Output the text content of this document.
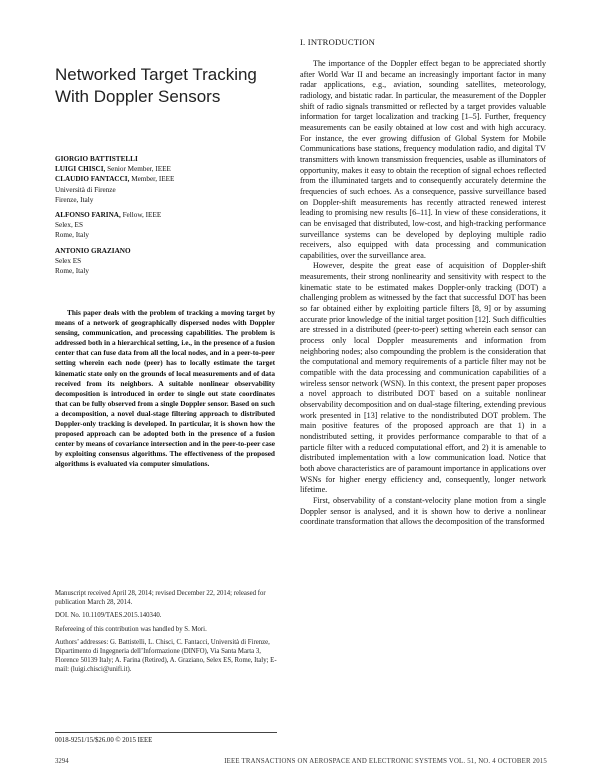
Networked Target Tracking With Doppler Sensors
GIORGIO BATTISTELLI
LUIGI CHISCI, Senior Member, IEEE
CLAUDIO FANTACCI, Member, IEEE
Università di Firenze
Firenze, Italy
ALFONSO FARINA, Fellow, IEEE
Selex, ES
Rome, Italy
ANTONIO GRAZIANO
Selex ES
Rome, Italy
This paper deals with the problem of tracking a moving target by means of a network of geographically dispersed nodes with Doppler sensing, communication, and processing capabilities. The problem is addressed both in a hierarchical setting, i.e., in the presence of a fusion center that can fuse data from all the local nodes, and in a peer-to-peer setting wherein each node (peer) has to locally estimate the target kinematic state only on the grounds of local measurements and of data received from its neighbors. A suitable nonlinear observability decomposition is introduced in order to single out state coordinates that can be fully observed from a single Doppler sensor. Based on such a decomposition, a novel dual-stage filtering approach to distributed Doppler-only tracking is developed. In particular, it is shown how the proposed approach can be adopted both in the presence of a fusion center by means of covariance intersection and in the peer-to-peer case by exploiting consensus algorithms. The effectiveness of the proposed algorithms is evaluated via computer simulations.

Manuscript received April 28, 2014; revised December 22, 2014; released for publication March 28, 2014.

DOI. No. 10.1109/TAES.2015.140340.

Refereeing of this contribution was handled by S. Mori.

Authors’ addresses: G. Battistelli, L. Chisci, C. Fantacci, Università di Firenze, Dipartimento di Ingegneria dell’Informazione (DINFO), Via Santa Marta 3, Florence 50139 Italy; A. Farina (Retired), A. Graziano, Selex ES, Rome, Italy; E-mail: (luigi.chisci@unifi.it).

0018-9251/15/$26.00 © 2015 IEEE
I. INTRODUCTION

The importance of the Doppler effect began to be appreciated shortly after World War II and became an increasingly important factor in many radar applications, e.g., aviation, sounding satellites, meteorology, radiology, and bistatic radar. In particular, the measurement of the Doppler shift of radio signals transmitted or reflected by a target provides valuable information for target localization and tracking [1–5]. Further, frequency measurements can be easily obtained at low cost and with high accuracy. For instance, the ever growing diffusion of Global System for Mobile Communications base stations, frequency modulation radio, and digital TV transmitters with known transmission frequencies, usable as illuminators of opportunity, makes it easy to obtain the reception of signal echoes reflected from the illuminated targets and to consequently accurately determine the frequencies of such echoes. As a consequence, passive surveillance based on Doppler-shift measurements has recently attracted renewed interest leading to promising new results [6–11]. In view of these considerations, it can be envisaged that distributed, low-cost, and high-tracking performance surveillance systems can be developed by deploying multiple radio receivers, also equipped with data processing and communication capabilities, over the surveillance area.

However, despite the great ease of acquisition of Doppler-shift measurements, their strong nonlinearity and sensitivity with respect to the kinematic state to be estimated makes Doppler-only tracking (DOT) a challenging problem as witnessed by the fact that successful DOT has been so far obtained either by exploiting particle filters [8, 9] or by assuming accurate prior knowledge of the initial target position [12]. Such difficulties are stressed in a distributed (peer-to-peer) setting wherein each sensor can process only local Doppler measurements and information from neighboring nodes; also compounding the problem is the consideration that the computational and memory requirements of a particle filter may not be compatible with the data processing and communication capabilities of a wireless sensor network (WSN). In this context, the present paper proposes a novel approach to distributed DOT based on a suitable nonlinear observability decomposition and on dual-stage filtering, extending previous work presented in [13] relative to the nondistributed DOT problem. The main positive features of the proposed approach are that 1) in a nondistributed setting, it provides performance comparable to that of a particle filter with a reduced computational effort, and 2) it is amenable to distributed implementation with a low communication load. Notice that both above characteristics are of paramount importance in applications over WSNs for higher energy efficiency and, consequently, longer network lifetime.

First, observability of a constant-velocity plane motion from a single Doppler sensor is analysed, and it is shown how to derive a nonlinear coordinate transformation that allows the decomposition of the transformed

3294	IEEE TRANSACTIONS ON AEROSPACE AND ELECTRONIC SYSTEMS VOL. 51, NO. 4 OCTOBER 2015
